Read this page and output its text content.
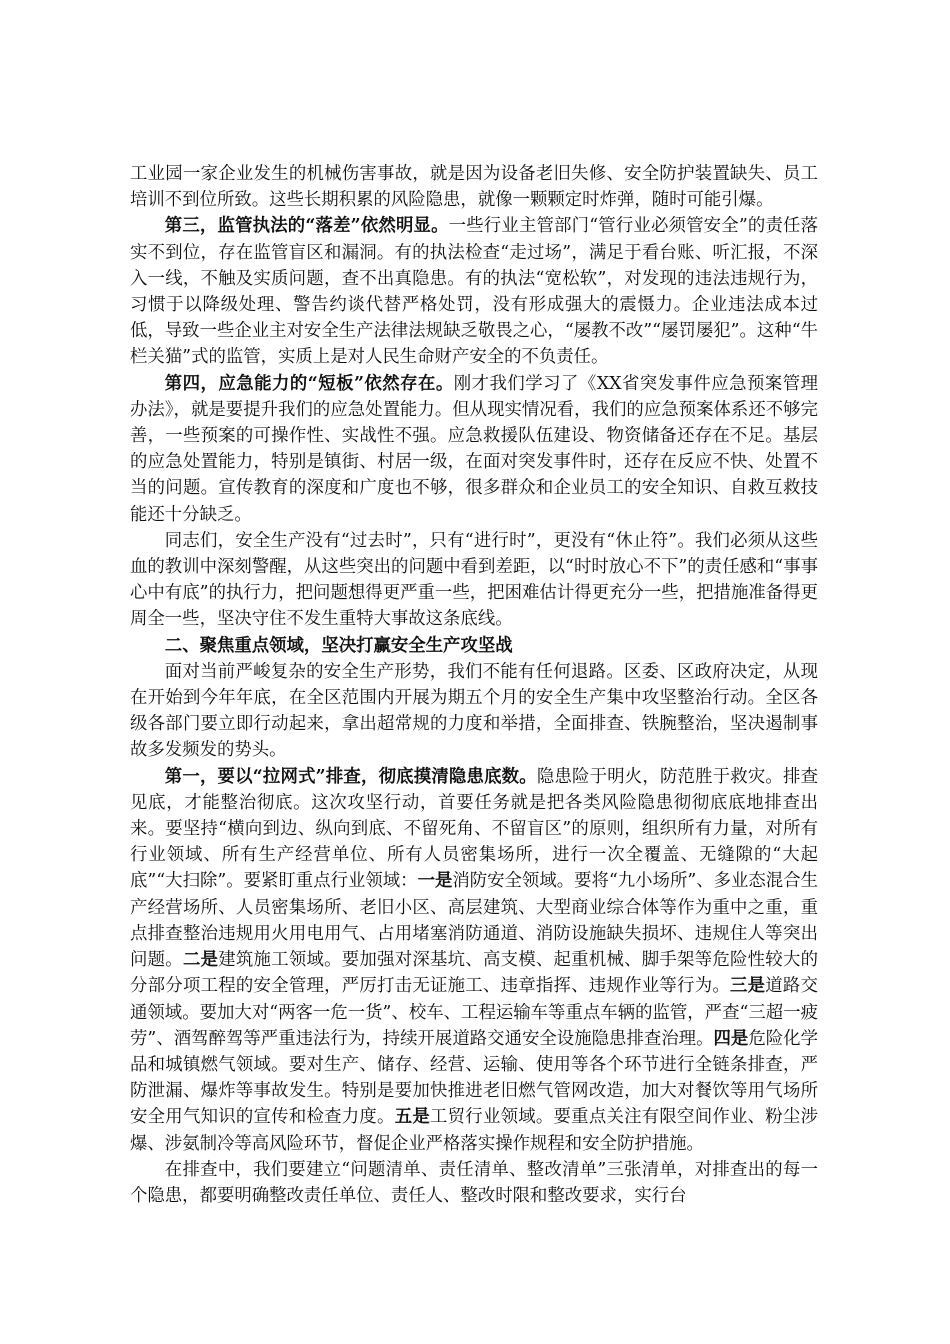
工业园一家企业发生的机械伤害事故，就是因为设备老旧失修、安全防护装置缺失、员工培训不到位所致。这些长期积累的风险隐患，就像一颗颗定时炸弹，随时可能引爆。

第三，监管执法的“落差”依然明显。一些行业主管部门“管行业必须管安全”的责任落实不到位，存在监管盲区和漏洞。有的执法检查“走过场”，满足于看台账、听汇报，不深入一线，不触及实质问题，查不出真隐患。有的执法“宽松软”，对发现的违法违规行为，习惯于以降级处理、警告约谈代替严格处罚，没有形成强大的震慑力。企业违法成本过低，导致一些企业主对安全生产法律法规缺乏敬畏之心，“屡教不改”“屡罚屡犯”。这种“牛栏关猫”式的监管，实质上是对人民生命财产安全的不负责任。

第四，应急能力的“短板”依然存在。刚才我们学习了《XX省突发事件应急预案管理办法》，就是要提升我们的应急处置能力。但从现实情况看，我们的应急预案体系还不够完善，一些预案的可操作性、实战性不强。应急救援队伍建设、物资储备还存在不足。基层的应急处置能力，特别是镇街、村居一级，在面对突发事件时，还存在反应不快、处置不当的问题。宣传教育的深度和广度也不够，很多群众和企业员工的安全知识、自救互救技能还十分缺乏。

同志们，安全生产没有“过去时”，只有“进行时”，更没有“休止符”。我们必须从这些血的教训中深刻警醒，从这些突出的问题中看到差距，以“时时放心不下”的责任感和“事事心中有底”的执行力，把问题想得更严重一些，把困难估计得更充分一些，把措施准备得更周全一些，坚决守住不发生重特大事故这条底线。

二、聚焦重点领域，坚决打赢安全生产攻坚战

面对当前严峻复杂的安全生产形势，我们不能有任何退路。区委、区政府决定，从现在开始到今年年底，在全区范围内开展为期五个月的安全生产集中攻坚整治行动。全区各级各部门要立即行动起来，拿出超常规的力度和举措，全面排查、铁腕整治，坚决遏制事故多发频发的势头。

第一，要以“拉网式”排查，彻底摸清隐患底数。隐患险于明火，防范胜于救灾。排查见底，才能整治彻底。这次攻坚行动，首要任务就是把各类风险隐患彻彻底底地排查出来。要坚持“横向到边、纵向到底、不留死角、不留盲区”的原则，组织所有力量，对所有行业领域、所有生产经营单位、所有人员密集场所，进行一次全覆盖、无缝隙的“大起底”“大扫除”。要紧盯重点行业领域：一是消防安全领域。要将“九小场所”、多业态混合生产经营场所、人员密集场所、老旧小区、高层建筑、大型商业综合体等作为重中之重，重点排查整治违规用火用电用气、占用堵塞消防通道、消防设施缺失损坏、违规住人等突出问题。二是建筑施工领域。要加强对深基坑、高支模、起重机械、脚手架等危险性较大的分部分项工程的安全管理，严厉打击无证施工、违章指挥、违规作业等行为。三是道路交通领域。要加大对“两客一危一货”、校车、工程运输车等重点车辆的监管，严查“三超一疲劳”、酒驾醉驾等严重违法行为，持续开展道路交通安全设施隐患排查治理。四是危险化学品和城镇燃气领域。要对生产、储存、经营、运输、使用等各个环节进行全链条排查，严防泄漏、爆炸等事故发生。特别是要加快推进老旧燃气管网改造，加大对餐饮等用气场所安全用气知识的宣传和检查力度。五是工贸行业领域。要重点关注有限空间作业、粉尘涉爆、涉氨制冷等高风险环节，督促企业严格落实操作规程和安全防护措施。

在排查中，我们要建立“问题清单、责任清单、整改清单”三张清单，对排查出的每一个隐患，都要明确整改责任单位、责任人、整改时限和整改要求，实行台
